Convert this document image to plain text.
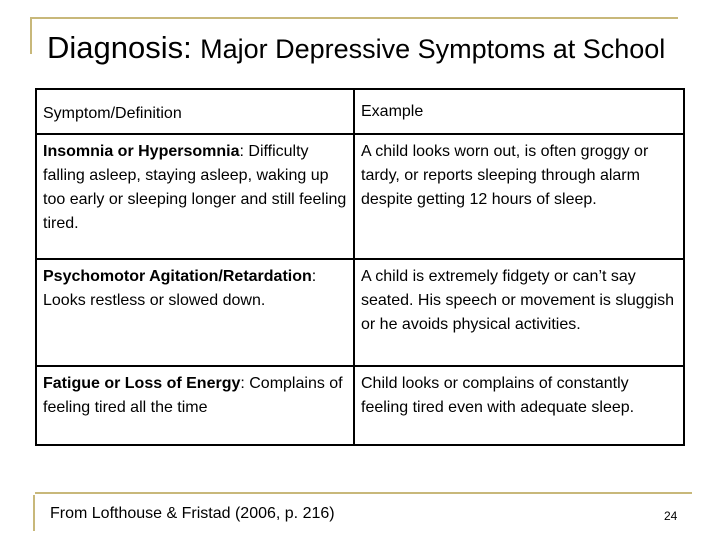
Diagnosis: Major Depressive Symptoms at School
Symptom/Definition	Example
Insomnia or Hypersomnia: Difficulty falling asleep, staying asleep, waking up too early or sleeping longer and still feeling tired.	A child looks worn out, is often groggy or tardy, or reports sleeping through alarm despite getting 12 hours of sleep.
Psychomotor Agitation/Retardation: Looks restless or slowed down.	A child is extremely fidgety or can’t say seated. His speech or movement is sluggish or he avoids physical activities.
Fatigue or Loss of Energy: Complains of feeling tired all the time	Child looks or complains of constantly feeling tired even with adequate sleep.
From Lofthouse & Fristad (2006, p. 216)	24
